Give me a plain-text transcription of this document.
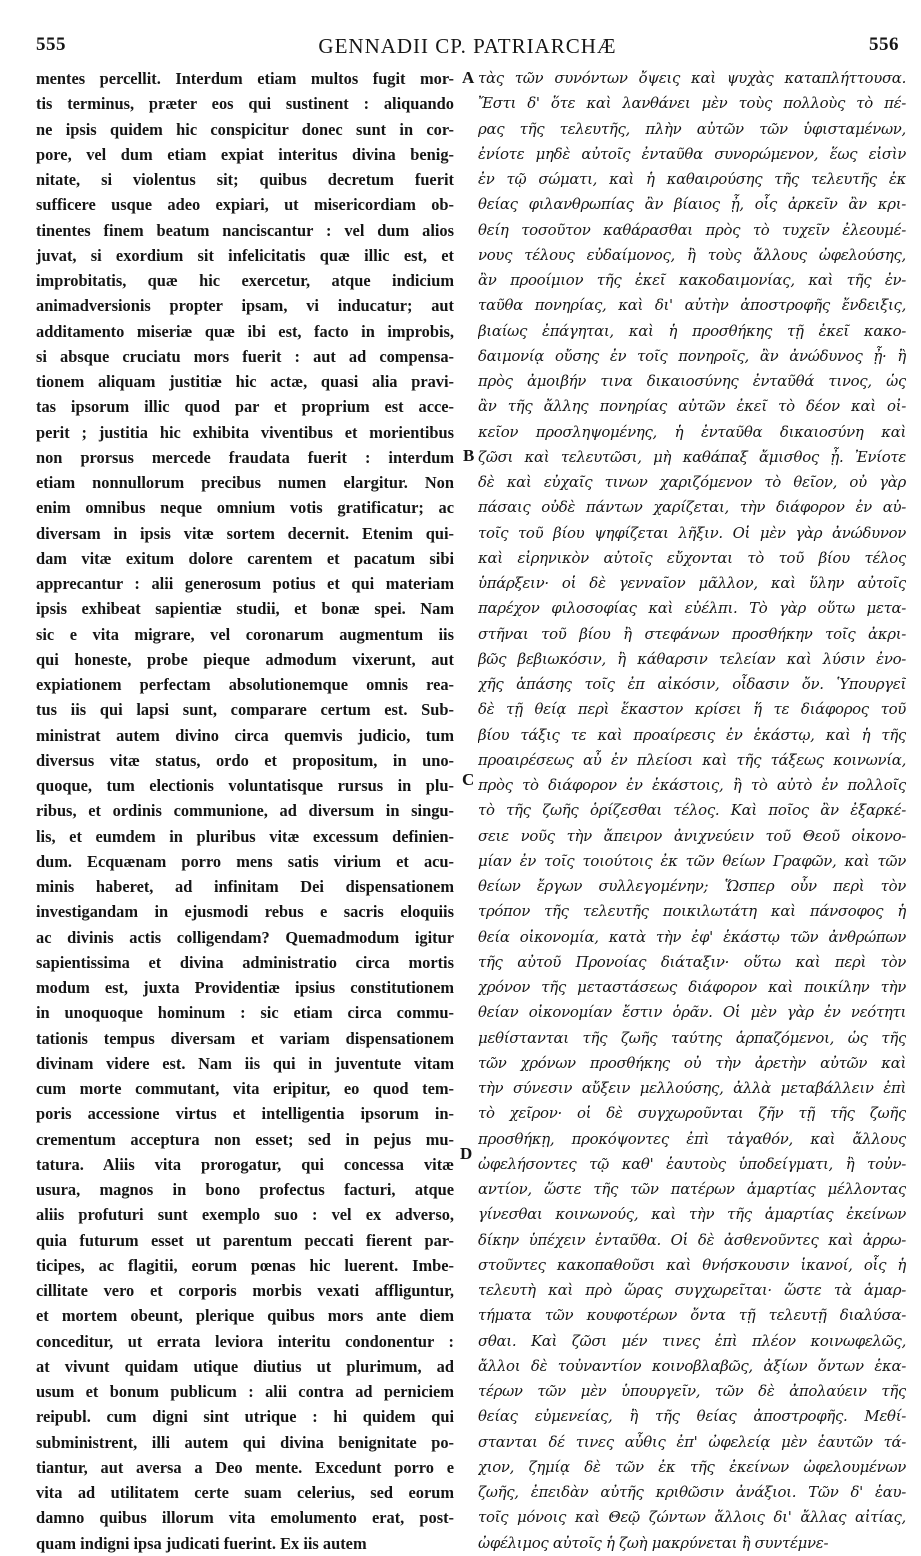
555	GENNADII CP. PATRIARCHÆ	556
mentes percellit. Interdum etiam multos fugit mor-
tis terminus, præter eos qui sustinent : aliquando
ne ipsis quidem hic conspicitur donec sunt in cor-
pore, vel dum etiam expiat interitus divina benig-
nitate, si violentus sit; quibus decretum fuerit
sufficere usque adeo expiari, ut misericordiam ob-
tinentes finem beatum nanciscantur : vel dum alios
juvat, si exordium sit infelicitatis quæ illic est, et
improbitatis, quæ hic exercetur, atque indicium
animadversionis propter ipsam, vi inducatur; aut
additamento miseriæ quæ ibi est, facto in improbis,
si absque cruciatu mors fuerit : aut ad compensa-
tionem aliquam justitiæ hic actæ, quasi alia pravi-
tas ipsorum illic quod par et proprium est acce-
perit ; justitia hic exhibita viventibus et morientibus
non prorsus mercede fraudata fuerit : interdum
etiam nonnullorum precibus numen elargitur. Non
enim omnibus neque omnium votis gratificatur; ac
diversam in ipsis vitæ sortem decernit. Etenim qui-
dam vitæ exitum dolore carentem et pacatum sibi
apprecantur : alii generosum potius et qui materiam
ipsis exhibeat sapientiæ studii, et bonæ spei. Nam
sic e vita migrare, vel coronarum augmentum iis
qui honeste, probe pieque admodum vixerunt, aut
expiationem perfectam absolutionemque omnis rea-
tus iis qui lapsi sunt, comparare certum est. Sub-
ministrat autem divino circa quemvis judicio, tum
diversus vitæ status, ordo et propositum, in uno-
quoque, tum electionis voluntatisque rursus in plu-
ribus, et ordinis communione, ad diversum in singu-
lis, et eumdem in pluribus vitæ excessum definien-
dum. Ecquænam porro mens satis virium et acu-
minis haberet, ad infinitam Dei dispensationem
investigandam in ejusmodi rebus e sacris eloquiis
ac divinis actis colligendam? Quemadmodum igitur
sapientissima et divina administratio circa mortis
modum est, juxta Providentiæ ipsius constitutionem
in unoquoque hominum : sic etiam circa commu-
tationis tempus diversam et variam dispensationem
divinam videre est. Nam iis qui in juventute vitam
cum morte commutant, vita eripitur, eo quod tem-
poris accessione virtus et intelligentia ipsorum in-
crementum acceptura non esset; sed in pejus mu-
tatura. Aliis vita prorogatur, qui concessa vitæ
usura, magnos in bono profectus facturi, atque
aliis profuturi sunt exemplo suo : vel ex adverso,
quia futurum esset ut parentum peccati fierent par-
ticipes, ac flagitii, eorum pœnas hic luerent. Imbe-
cillitate vero et corporis morbis vexati affliguntur,
et mortem obeunt, plerique quibus mors ante diem
conceditur, ut errata leviora interitu condonentur :
at vivunt quidam utique diutius ut plurimum, ad
usum et bonum publicum : alii contra ad perniciem
reipubl. cum digni sint utrique : hi quidem qui
subministrent, illi autem qui divina benignitate po-
tiantur, aut aversa a Deo mente. Excedunt porro e
vita ad utilitatem certe suam celerius, sed eorum
damno quibus illorum vita emolumento erat, post-
quam indigni ipsa judicati fuerint. Ex iis autem
τὰς τῶν συνόντων ὄψεις καὶ ψυχὰς καταπλήττουσα.
Ἔστι δ' ὅτε καὶ λανθάνει μὲν τοὺς πολλοὺς τὸ πέ-
ρας τῆς τελευτῆς, πλὴν αὐτῶν τῶν ὑφισταμένων,
ἐνίοτε μηδὲ αὐτοῖς ἐνταῦθα συνορώμενον, ἕως εἰσὶν
ἐν τῷ σώματι, καὶ ἡ καθαιρούσης τῆς τελευτῆς ἐκ
θείας φιλανθρωπίας ἂν βίαιος ᾖ, οἷς ἀρκεῖν ἂν κρι-
θείη τοσοῦτον καθάρασθαι πρὸς τὸ τυχεῖν ἐλεουμέ-
νους τέλους εὐδαίμονος, ἢ τοὺς ἄλλους ὠφελούσης,
ἂν προοίμιον τῆς ἐκεῖ κακοδαιμονίας, καὶ τῆς ἐν-
ταῦθα πονηρίας, καὶ δι' αὐτὴν ἀποστροφῆς ἔνδειξις,
βιαίως ἐπάγηται, καὶ ἡ προσθήκης τῇ ἐκεῖ κακο-
δαιμονίᾳ οὔσης ἐν τοῖς πονηροῖς, ἂν ἀνώδυνος ᾖ· ἢ
πρὸς ἀμοιβήν τινα δικαιοσύνης ἐνταῦθά τινος, ὡς
ἂν τῆς ἄλλης πονηρίας αὐτῶν ἐκεῖ τὸ δέον καὶ οἰ-
κεῖον προσληψομένης, ἡ ἐνταῦθα δικαιοσύνη καὶ
ζῶσι καὶ τελευτῶσι, μὴ καθάπαξ ἄμισθος ᾖ. Ἐνίοτε
δὲ καὶ εὐχαῖς τινων χαριζόμενον τὸ θεῖον, οὐ γὰρ
πάσαις οὐδὲ πάντων χαρίζεται, τὴν διάφορον ἐν αὐ-
τοῖς τοῦ βίου ψηφίζεται λῆξιν. Οἱ μὲν γὰρ ἀνώδυνον
καὶ εἰρηνικὸν αὐτοῖς εὔχονται τὸ τοῦ βίου τέλος
ὑπάρξειν· οἱ δὲ γενναῖον μᾶλλον, καὶ ὕλην αὐτοῖς
παρέχον φιλοσοφίας καὶ εὐέλπι. Τὸ γὰρ οὕτω μετα-
στῆναι τοῦ βίου ἢ στεφάνων προσθήκην τοῖς ἀκρι-
βῶς βεβιωκόσιν, ἢ κάθαρσιν τελείαν καὶ λύσιν ἐνο-
χῆς ἁπάσης τοῖς ἐπ αἰκόσιν, οἶδασιν ὄν. Ὑπουργεῖ
δὲ τῇ θείᾳ περὶ ἕκαστον κρίσει ἥ τε διάφορος τοῦ
βίου τάξις τε καὶ προαίρεσις ἐν ἑκάστῳ, καὶ ἡ τῆς
προαιρέσεως αὖ ἐν πλείοσι καὶ τῆς τάξεως κοινωνία,
πρὸς τὸ διάφορον ἐν ἑκάστοις, ἢ τὸ αὐτὸ ἐν πολλοῖς
τὸ τῆς ζωῆς ὁρίζεσθαι τέλος. Καὶ ποῖος ἂν ἐξαρκέ-
σειε νοῦς τὴν ἄπειρον ἀνιχνεύειν τοῦ Θεοῦ οἰκονο-
μίαν ἐν τοῖς τοιούτοις ἐκ τῶν θείων Γραφῶν, καὶ τῶν
θείων ἔργων συλλεγομένην; Ὥσπερ οὖν περὶ τὸν
τρόπον τῆς τελευτῆς ποικιλωτάτη καὶ πάνσοφος ἡ
θεία οἰκονομία, κατὰ τὴν ἐφ' ἑκάστῳ τῶν ἀνθρώπων
τῆς αὐτοῦ Προνοίας διάταξιν· οὕτω καὶ περὶ τὸν
χρόνον τῆς μεταστάσεως διάφορον καὶ ποικίλην τὴν
θείαν οἰκονομίαν ἔστιν ὁρᾶν. Οἱ μὲν γὰρ ἐν νεότητι
μεθίστανται τῆς ζωῆς ταύτης ἁρπαζόμενοι, ὡς τῆς
τῶν χρόνων προσθήκης οὐ τὴν ἀρετὴν αὐτῶν καὶ
τὴν σύνεσιν αὔξειν μελλούσης, ἀλλὰ μεταβάλλειν ἐπὶ
τὸ χεῖρον· οἱ δὲ συγχωροῦνται ζῆν τῇ τῆς ζωῆς
προσθήκῃ, προκόψοντες ἐπὶ τἀγαθόν, καὶ ἄλλους
ὠφελήσοντες τῷ καθ' ἑαυτοὺς ὑποδείγματι, ἢ τοὐν-
αντίον, ὥστε τῆς τῶν πατέρων ἁμαρτίας μέλλοντας
γίνεσθαι κοινωνούς, καὶ τὴν τῆς ἁμαρτίας ἐκείνων
δίκην ὑπέχειν ἐνταῦθα. Οἱ δὲ ἀσθενοῦντες καὶ ἀρρω-
στοῦντες κακοπαθοῦσι καὶ θνήσκουσιν ἱκανοί, οἷς ἡ
τελευτὴ καὶ πρὸ ὥρας συγχωρεῖται· ὥστε τὰ ἁμαρ-
τήματα τῶν κουφοτέρων ὄντα τῇ τελευτῇ διαλύσα-
σθαι. Καὶ ζῶσι μέν τινες ἐπὶ πλέον κοινωφελῶς,
ἄλλοι δὲ τοὐναντίον κοινοβλαβῶς, ἀξίων ὄντων ἑκα-
τέρων τῶν μὲν ὑπουργεῖν, τῶν δὲ ἀπολαύειν τῆς
θείας εὐμενείας, ἢ τῆς θείας ἀποστροφῆς. Μεθί-
στανται δέ τινες αὖθις ἐπ' ὠφελείᾳ μὲν ἑαυτῶν τά-
χιον, ζημίᾳ δὲ τῶν ἐκ τῆς ἐκείνων ὠφελουμένων
ζωῆς, ἐπειδὰν αὐτῆς κριθῶσιν ἀνάξιοι. Τῶν δ' ἑαυ-
τοῖς μόνοις καὶ Θεῷ ζώντων ἄλλοις δι' ἄλλας αἰτίας,
ὠφέλιμος αὐτοῖς ἡ ζωὴ μακρύνεται ἢ συντέμνε-
A
B
C
D
